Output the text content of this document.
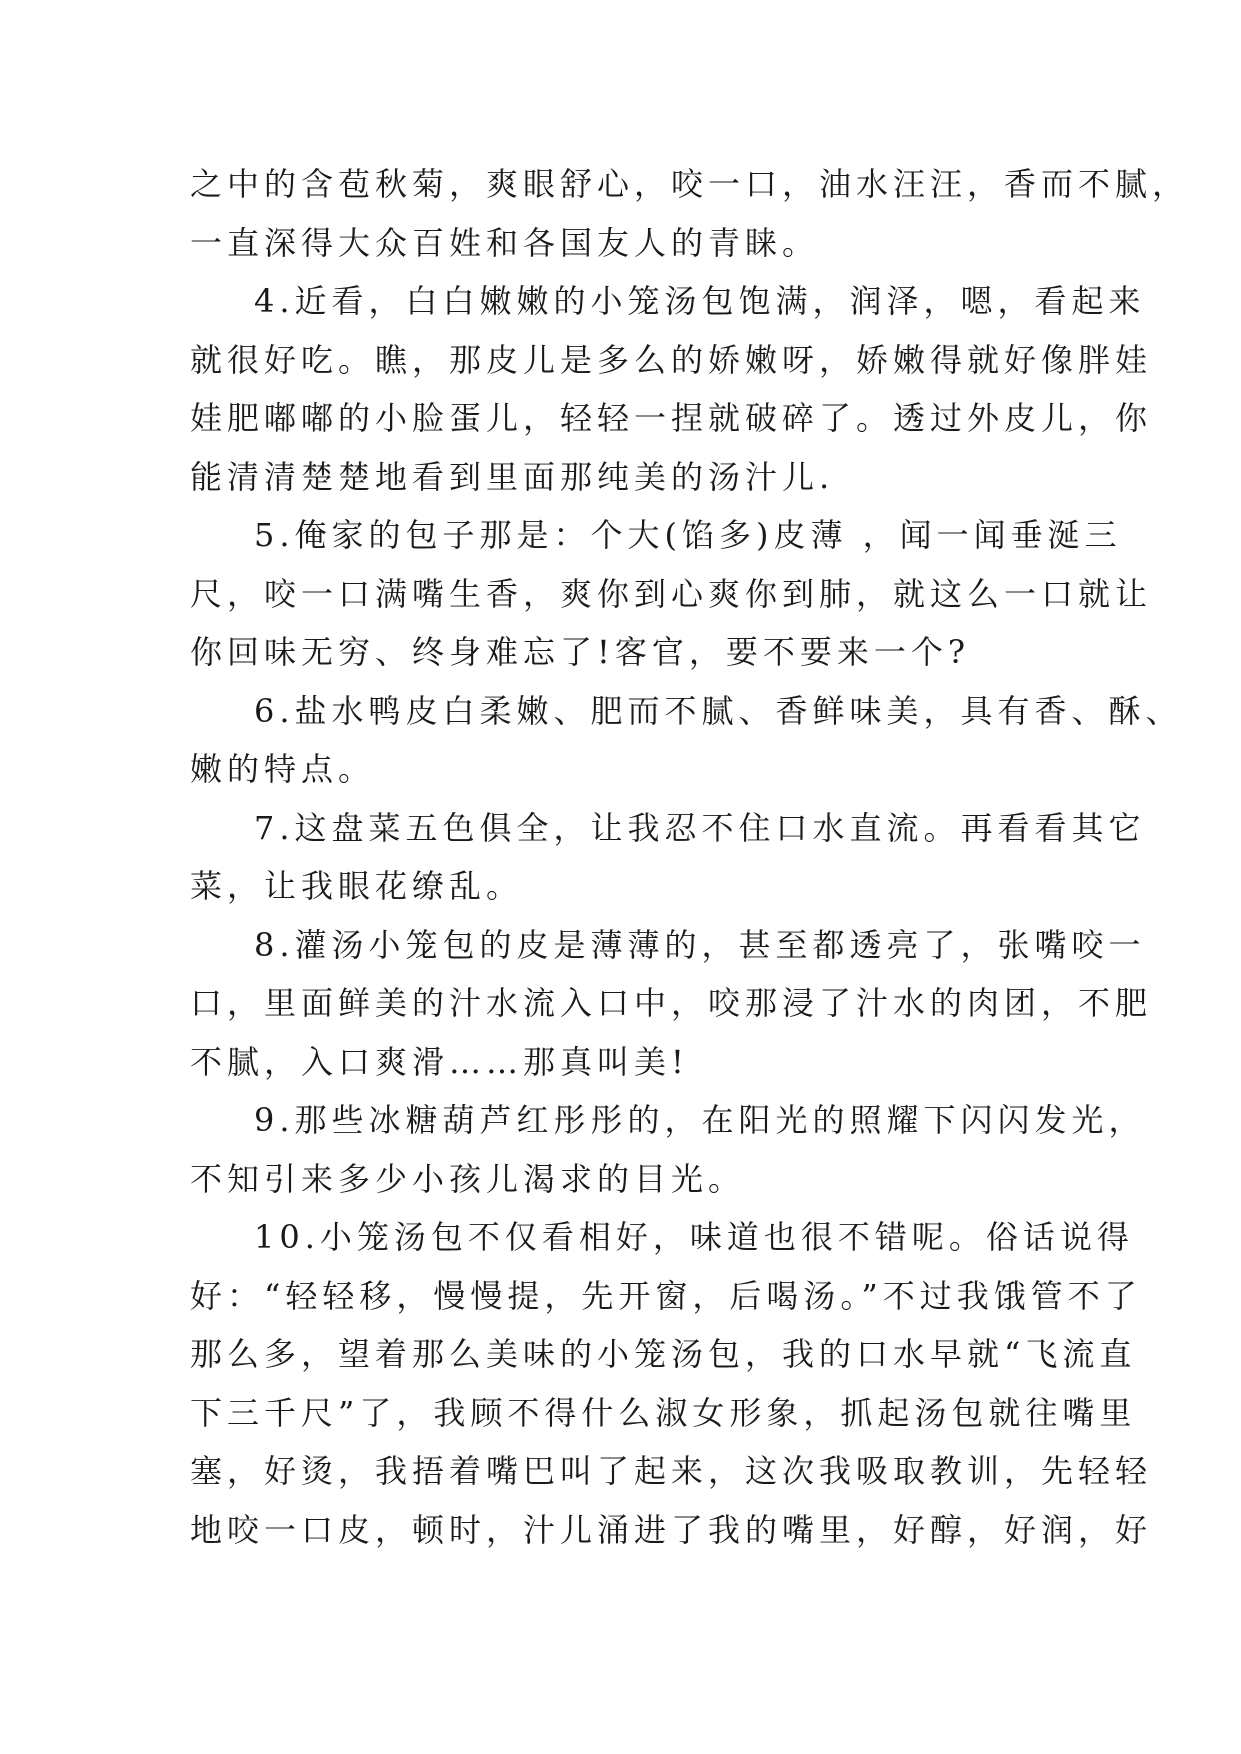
之中的含苞秋菊，爽眼舒心，咬一口，油水汪汪，香而不腻，
一直深得大众百姓和各国友人的青睐。
4.近看，白白嫩嫩的小笼汤包饱满，润泽，嗯，看起来
就很好吃。瞧，那皮儿是多么的娇嫩呀，娇嫩得就好像胖娃
娃肥嘟嘟的小脸蛋儿，轻轻一捏就破碎了。透过外皮儿，你
能清清楚楚地看到里面那纯美的汤汁儿.
5.俺家的包子那是：个大(馅多)皮薄 ，闻一闻垂涎三
尺，咬一口满嘴生香，爽你到心爽你到肺，就这么一口就让
你回味无穷、终身难忘了!客官，要不要来一个?
6.盐水鸭皮白柔嫩、肥而不腻、香鲜味美，具有香、酥、
嫩的特点。
7.这盘菜五色俱全，让我忍不住口水直流。再看看其它
菜，让我眼花缭乱。
8.灌汤小笼包的皮是薄薄的，甚至都透亮了，张嘴咬一
口，里面鲜美的汁水流入口中，咬那浸了汁水的肉团，不肥
不腻，入口爽滑……那真叫美!
9.那些冰糖葫芦红彤彤的，在阳光的照耀下闪闪发光，
不知引来多少小孩儿渴求的目光。
10.小笼汤包不仅看相好，味道也很不错呢。俗话说得
好：“轻轻移，慢慢提，先开窗，后喝汤。”不过我饿管不了
那么多，望着那么美味的小笼汤包，我的口水早就“飞流直
下三千尺”了，我顾不得什么淑女形象，抓起汤包就往嘴里
塞，好烫，我捂着嘴巴叫了起来，这次我吸取教训，先轻轻
地咬一口皮，顿时，汁儿涌进了我的嘴里，好醇，好润，好
